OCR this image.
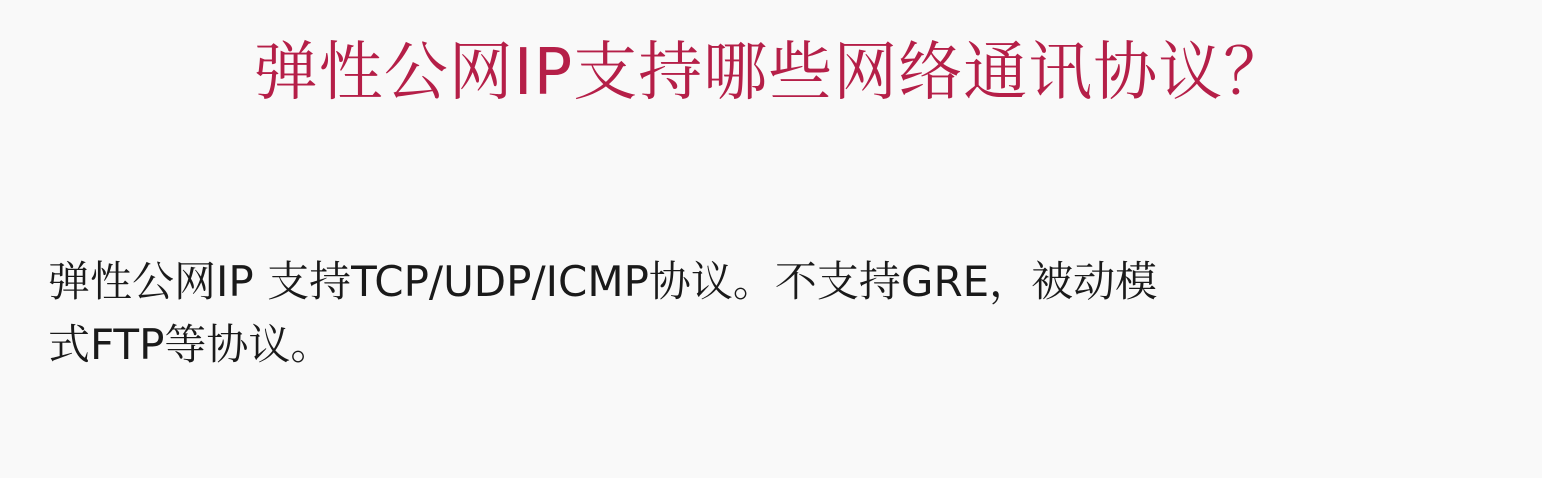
弹性公网IP支持哪些网络通讯协议？

弹性公网IP 支持TCP/UDP/ICMP协议。不支持GRE，被动模
式FTP等协议。
